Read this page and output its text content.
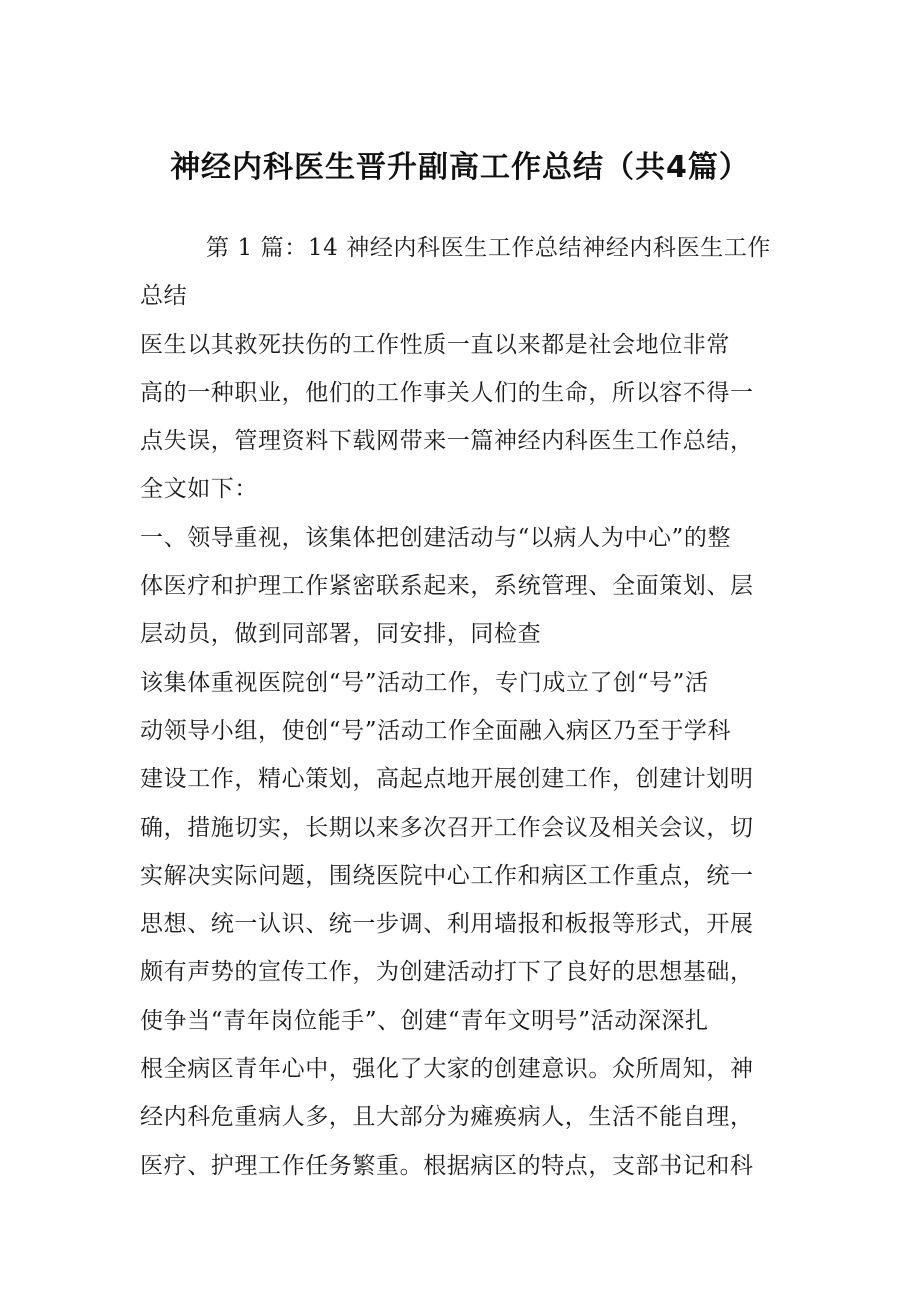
神经内科医生晋升副高工作总结（共4篇）
第 1 篇：14 神经内科医生工作总结神经内科医生工作
总结
医生以其救死扶伤的工作性质一直以来都是社会地位非常
高的一种职业，他们的工作事关人们的生命，所以容不得一
点失误，管理资料下载网带来一篇神经内科医生工作总结，
全文如下：
一、领导重视，该集体把创建活动与“以病人为中心”的整
体医疗和护理工作紧密联系起来，系统管理、全面策划、层
层动员，做到同部署，同安排，同检查
该集体重视医院创“号”活动工作，专门成立了创“号”活
动领导小组，使创“号”活动工作全面融入病区乃至于学科
建设工作，精心策划，高起点地开展创建工作，创建计划明
确，措施切实，长期以来多次召开工作会议及相关会议，切
实解决实际问题，围绕医院中心工作和病区工作重点，统一
思想、统一认识、统一步调、利用墙报和板报等形式，开展
颇有声势的宣传工作，为创建活动打下了良好的思想基础，
使争当“青年岗位能手”、创建“青年文明号”活动深深扎
根全病区青年心中，强化了大家的创建意识。众所周知，神
经内科危重病人多，且大部分为瘫痪病人，生活不能自理，
医疗、护理工作任务繁重。根据病区的特点，支部书记和科
